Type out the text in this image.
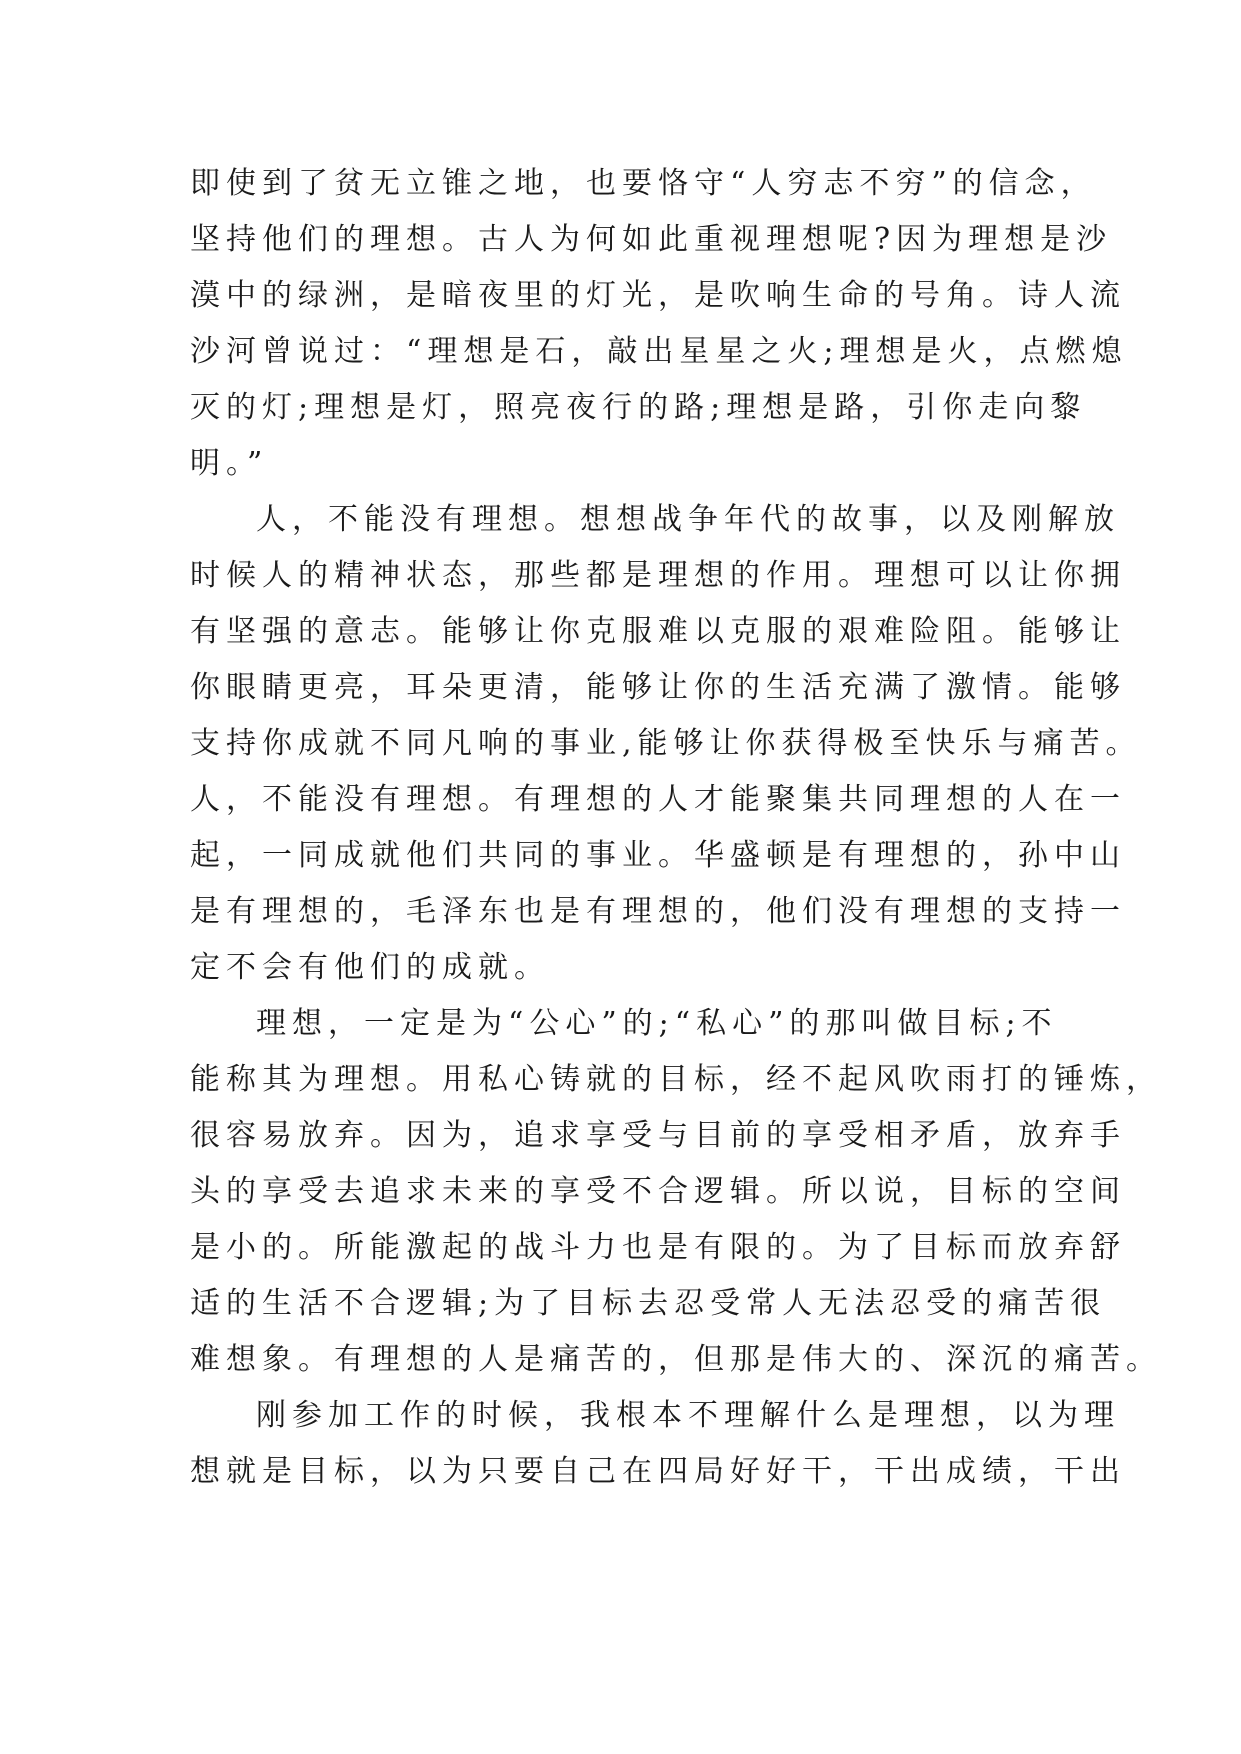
即使到了贫无立锥之地，也要恪守“人穷志不穷”的信念，
坚持他们的理想。古人为何如此重视理想呢?因为理想是沙
漠中的绿洲，是暗夜里的灯光，是吹响生命的号角。诗人流
沙河曾说过：“理想是石，敲出星星之火;理想是火，点燃熄
灭的灯;理想是灯，照亮夜行的路;理想是路，引你走向黎
明。”
人，不能没有理想。想想战争年代的故事，以及刚解放
时候人的精神状态，那些都是理想的作用。理想可以让你拥
有坚强的意志。能够让你克服难以克服的艰难险阻。能够让
你眼睛更亮，耳朵更清，能够让你的生活充满了激情。能够
支持你成就不同凡响的事业,能够让你获得极至快乐与痛苦。
人，不能没有理想。有理想的人才能聚集共同理想的人在一
起，一同成就他们共同的事业。华盛顿是有理想的，孙中山
是有理想的，毛泽东也是有理想的，他们没有理想的支持一
定不会有他们的成就。
理想，一定是为“公心”的;“私心”的那叫做目标;不
能称其为理想。用私心铸就的目标，经不起风吹雨打的锤炼，
很容易放弃。因为，追求享受与目前的享受相矛盾，放弃手
头的享受去追求未来的享受不合逻辑。所以说，目标的空间
是小的。所能激起的战斗力也是有限的。为了目标而放弃舒
适的生活不合逻辑;为了目标去忍受常人无法忍受的痛苦很
难想象。有理想的人是痛苦的，但那是伟大的、深沉的痛苦。
刚参加工作的时候，我根本不理解什么是理想，以为理
想就是目标，以为只要自己在四局好好干，干出成绩，干出
